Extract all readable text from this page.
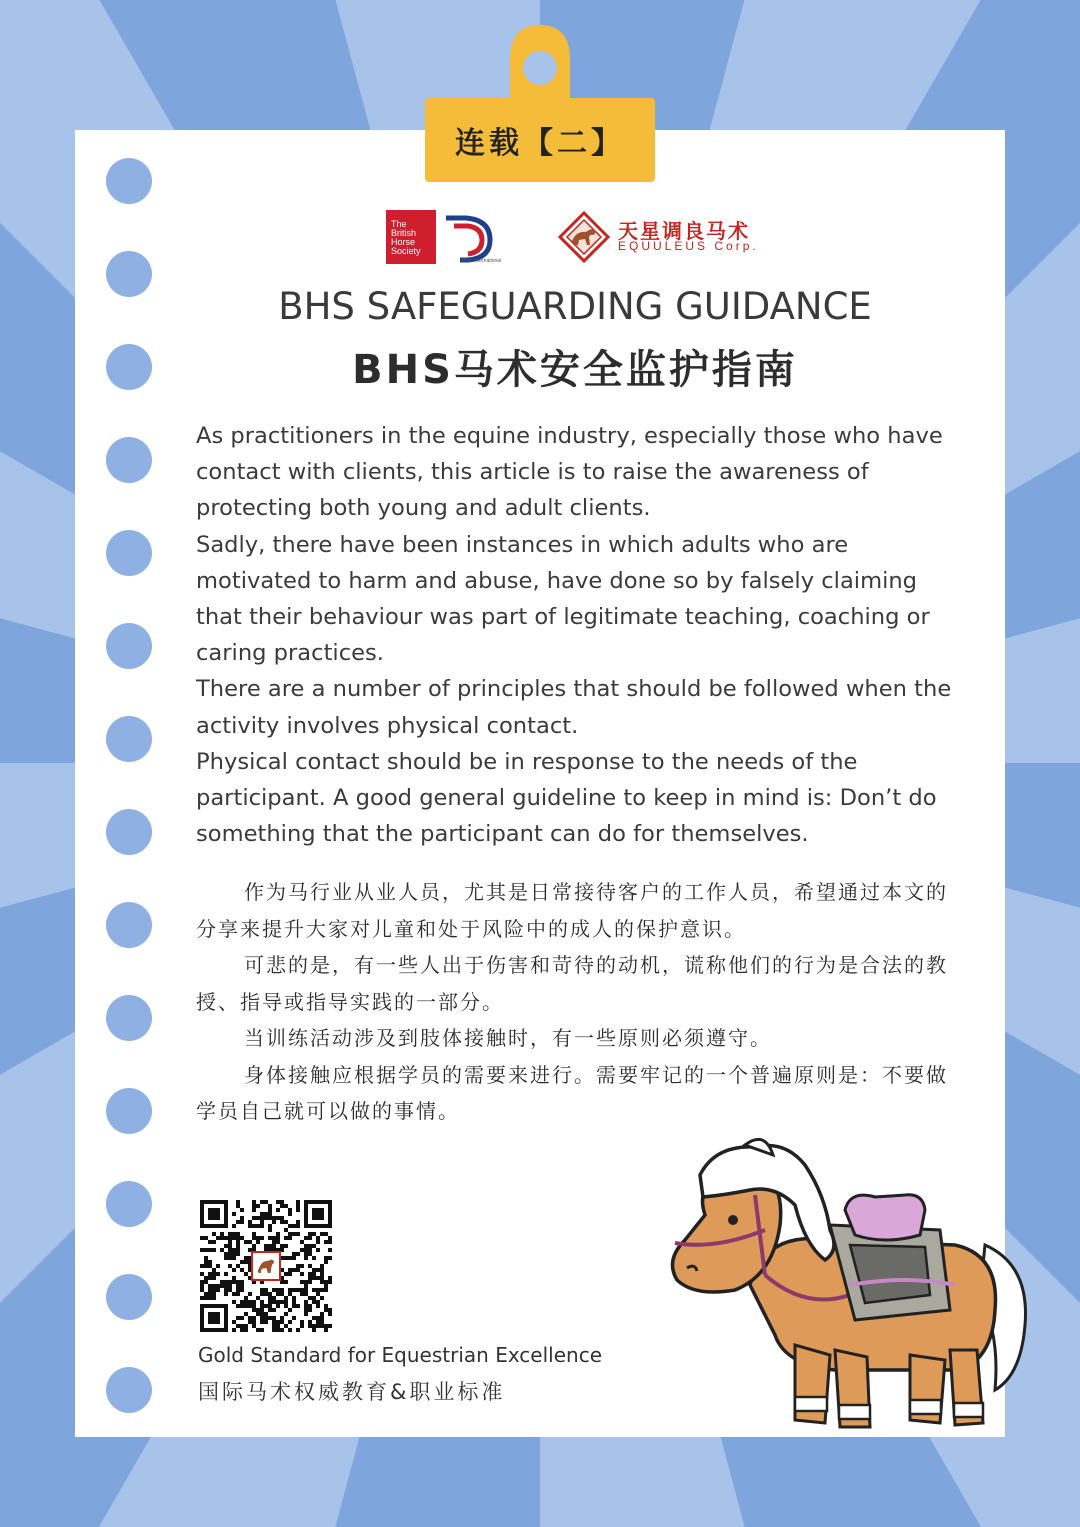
连载【二】
The
British
Horse
Society
BHS International
天星调良马术
EQUULEUS Corp.
BHS SAFEGUARDING GUIDANCE
BHS马术安全监护指南

As practitioners in the equine industry, especially those who have contact with clients, this article is to raise the awareness of protecting both young and adult clients.

Sadly, there have been instances in which adults who are motivated to harm and abuse, have done so by falsely claiming that their behaviour was part of legitimate teaching, coaching or caring practices.

There are a number of principles that should be followed when the activity involves physical contact.

Physical contact should be in response to the needs of the participant. A good general guideline to keep in mind is: Don’t do something that the participant can do for themselves.

作为马行业从业人员，尤其是日常接待客户的工作人员，希望通过本文的分享来提升大家对儿童和处于风险中的成人的保护意识。

可悲的是，有一些人出于伤害和苛待的动机，谎称他们的行为是合法的教授、指导或指导实践的一部分。

当训练活动涉及到肢体接触时，有一些原则必须遵守。

身体接触应根据学员的需要来进行。需要牢记的一个普遍原则是：不要做学员自己就可以做的事情。

Gold Standard for Equestrian Excellence
国际马术权威教育&职业标准
